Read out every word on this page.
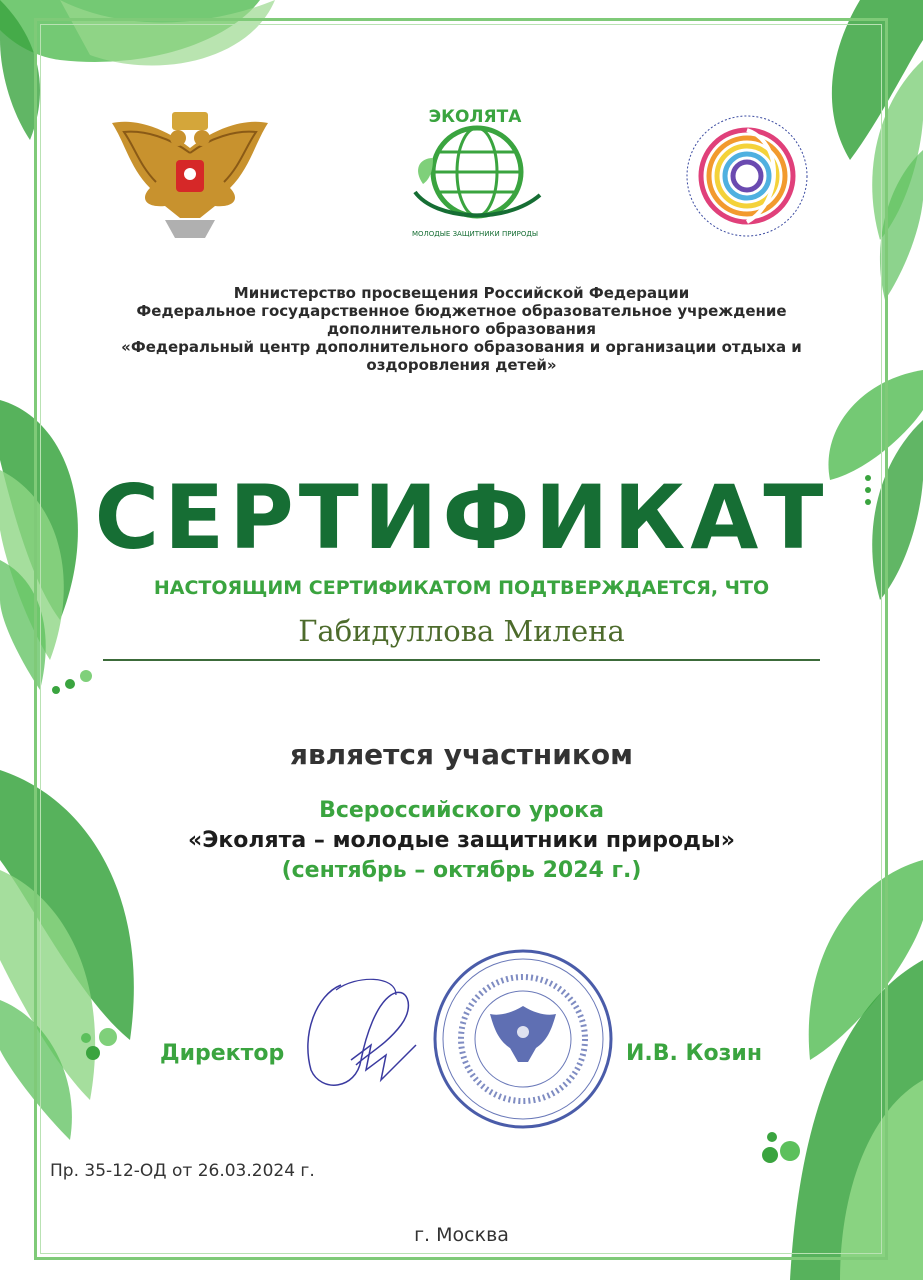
ЭКОЛЯТА
МОЛОДЫЕ ЗАЩИТНИКИ ПРИРОДЫ
Министерство просвещения Российской Федерации
Федеральное государственное бюджетное образовательное учреждение
дополнительного образования
«Федеральный центр дополнительного образования и организации отдыха и
оздоровления детей»
СЕРТИФИКАТ
НАСТОЯЩИМ СЕРТИФИКАТОМ ПОДТВЕРЖДАЕТСЯ, ЧТО
Габидуллова Милена
является участником
Всероссийского урока
«Эколята – молодые защитники природы»
(сентябрь – октябрь 2024 г.)
Директор	И.В. Козин
Пр. 35-12-ОД от 26.03.2024 г.
г. Москва
